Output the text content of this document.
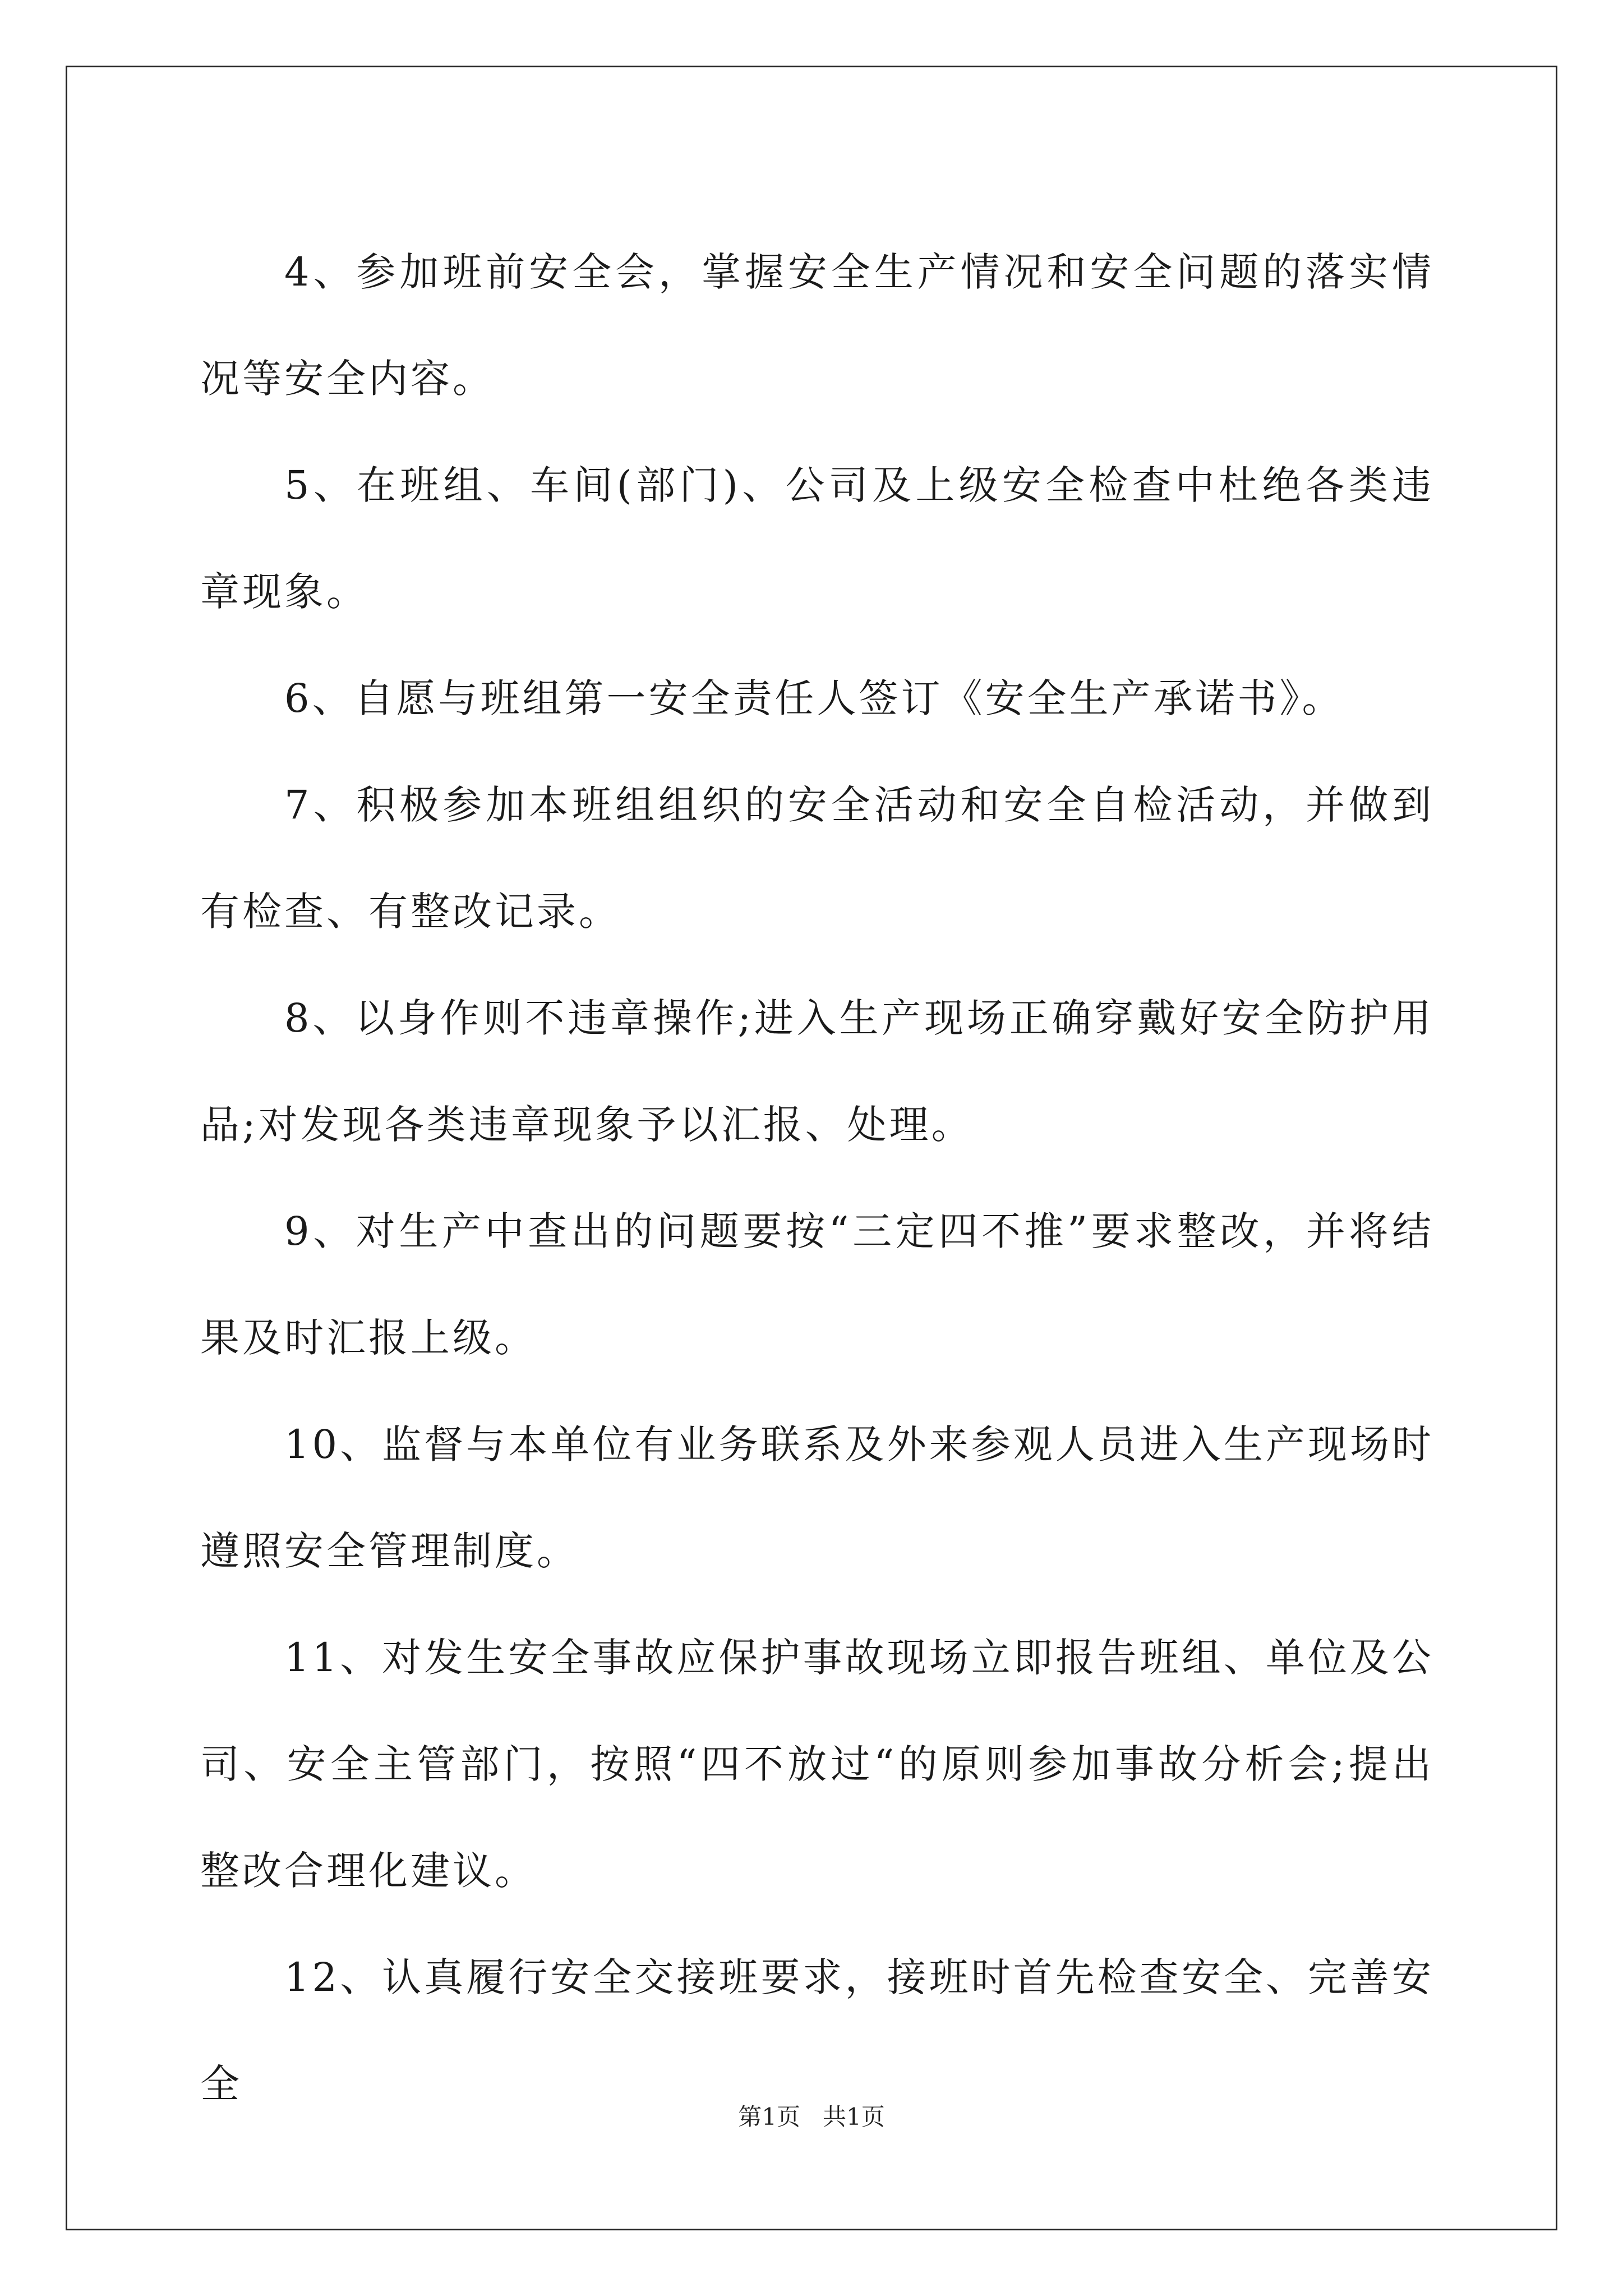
4、参加班前安全会，掌握安全生产情况和安全问题的落实情况等安全内容。

5、在班组、车间(部门)、公司及上级安全检查中杜绝各类违章现象。

6、自愿与班组第一安全责任人签订《安全生产承诺书》。

7、积极参加本班组组织的安全活动和安全自检活动，并做到有检查、有整改记录。

8、以身作则不违章操作;进入生产现场正确穿戴好安全防护用品;对发现各类违章现象予以汇报、处理。

9、对生产中查出的问题要按“三定四不推”要求整改，并将结果及时汇报上级。

10、监督与本单位有业务联系及外来参观人员进入生产现场时遵照安全管理制度。

11、对发生安全事故应保护事故现场立即报告班组、单位及公司、安全主管部门，按照“四不放过“的原则参加事故分析会;提出整改合理化建议。

12、认真履行安全交接班要求，接班时首先检查安全、完善安全

第1页 共1页
